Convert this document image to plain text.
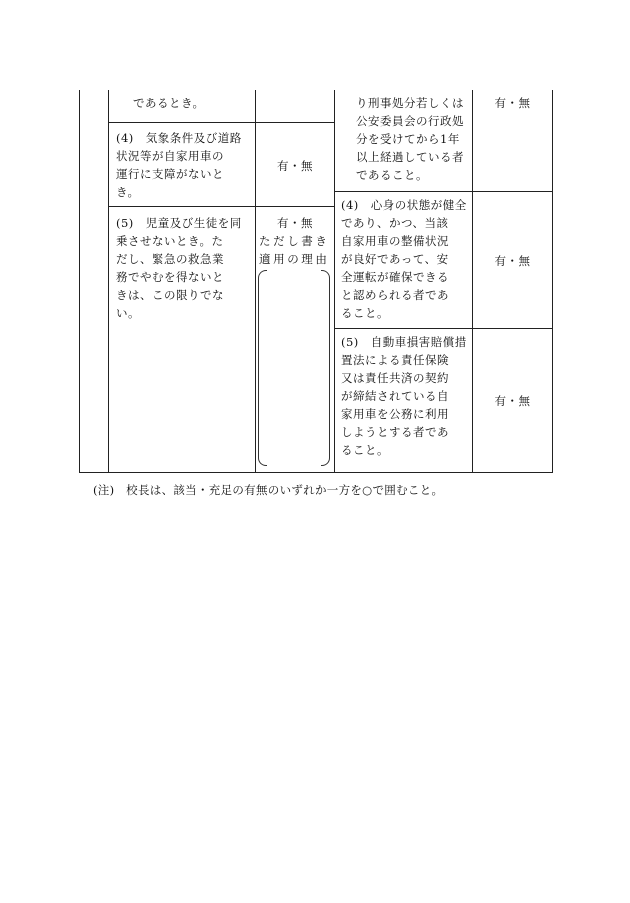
であるとき。
(4)　気象条件及び道路
状況等が自家用車の
運行に支障がないと
き。
有・無
(5)　児童及び生徒を同
乗させないとき。た
だし、緊急の救急業
務でやむを得ないと
きは、この限りでな
い。
有・無
ただし書き
適用の理由
り刑事処分若しくは
公安委員会の行政処
分を受けてから1年
以上経過している者
であること。
有・無
(4)　心身の状態が健全
であり、かつ、当該
自家用車の整備状況
が良好であって、安
全運転が確保できる
と認められる者であ
ること。
有・無
(5)　自動車損害賠償措
置法による責任保険
又は責任共済の契約
が締結されている自
家用車を公務に利用
しようとする者であ
ること。
有・無
(注)　校長は、該当・充足の有無のいずれか一方を○で囲むこと。
